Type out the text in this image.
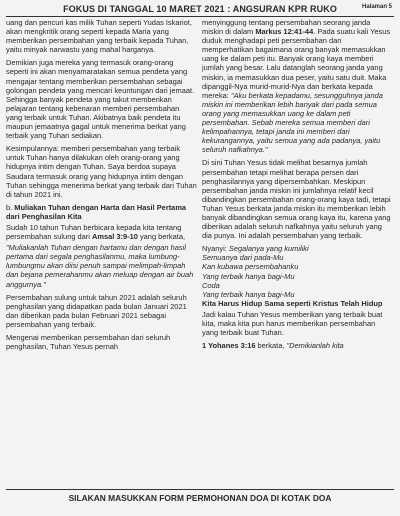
FOKUS DI TANGGAL 10 MARET 2021 : ANGSURAN KPR RUKO	Halaman 5

uang dan pencuri kas milik Tuhan seperti Yudas Iskariot, akan mengkritik orang seperti kepada Maria yang memberikan persembahan yang terbaik kepada Tuhan, yaitu minyak narwastu yang mahal harganya.

Demikian juga mereka yang termasuk orang-orang seperti ini akan menyamaratakan semua pendeta yang mengajar tentang memberikan persembahan sebagai golongan pendeta yang mencari keuntungan dari jemaat. Sehingga banyak pendeta yang takut memberikan pelajaran tentang kebenaran memberi persembahan yang terbaik untuk Tuhan. Akibatnya baik pendeta itu maupun jemaatnya gagal untuk menerima berkat yang terbaik yang Tuhan sediakan.

Kesimpulannya: memberi persembahan yang terbaik untuk Tuhan hanya dilakukan oleh orang-orang yang hidupnya intim dengan Tuhan. Saya berdoa supaya Saudara termasuk orang yang hidupnya intim dengan Tuhan sehingga menerima berkat yang terbaik dari Tuhan di tahun 2021 ini.

b. Muliakan Tuhan dengan Harta dan Hasil Pertama dari Penghasilan Kita

Sudah 10 tahun Tuhan berbicara kepada kita tentang persembahan sulung dari Amsal 3:9-10 yang berkata,

"Muliakanlah Tuhan dengan hartamu dan dengan hasil pertama dari segala penghasilanmu, maka lumbung-lumbungmu akan diisi penuh sampai melimpah-limpah dan bejana pemerahanmu akan meluap dengan air buah anggurnya."

Persembahan sulung untuk tahun 2021 adalah seluruh penghasilan yang didapatkan pada bulan Januari 2021 dan diberikan pada bulan Februari 2021 sebagai persembahan yang terbaik.

Mengenai memberikan persembahan dari seluruh penghasilan, Tuhan Yesus pernah

menyinggung tentang persembahan seorang janda miskin di dalam Markus 12:41-44. Pada suatu kali Yesus duduk menghadapi peti persembahan dan memperhatikan bagaimana orang banyak memasukkan uang ke dalam peti itu. Banyak orang kaya memberi jumlah yang besar. Lalu datanglah seorang janda yang miskin, ia memasukkan dua peser, yaitu satu duit. Maka dipanggil-Nya murid-murid-Nya dan berkata kepada mereka: "Aku berkata kepadamu, sesungguhnya janda miskin ini memberikan lebih banyak dari pada semua orang yang memasukkan uang ke dalam peti persembahan. Sebab mereka semua memberi dari kelimpahannya, tetapi janda ini memberi dari kekurangannya, yaitu semua yang ada padanya, yaitu seluruh nafkahnya."

Di sini Tuhan Yesus tidak melihat besarnya jumlah persembahan tetapi melihat berapa persen dari penghasilannya yang dipersembahkan. Meskipun persembahan janda miskin ini jumlahnya relatif kecil dibandingkan persembahan orang-orang kaya tadi, tetapi Tuhan Yesus berkata janda miskin itu memberikan lebih banyak dibandingkan semua orang kaya itu, karena yang diberikan adalah seluruh nafkahnya yaitu seluruh yang dia punya. Ini adalah persembahan yang terbaik.

Nyanyi: Segalanya yang kumiliki
Semuanya dari pada-Mu
Kan kubawa persembahanku
Yang terbaik hanya bagi-Mu
Coda
Yang terbaik hanya bagi-Mu
Kita Harus Hidup Sama seperti Kristus Telah Hidup

Jadi kalau Tuhan Yesus memberikan yang terbaik buat kita, maka kita pun harus memberikan persembahan yang terbaik buat Tuhan.

1 Yohanes 3:16 berkata, "Demikianlah kita

SILAKAN MASUKKAN FORM PERMOHONAN DOA DI KOTAK DOA
